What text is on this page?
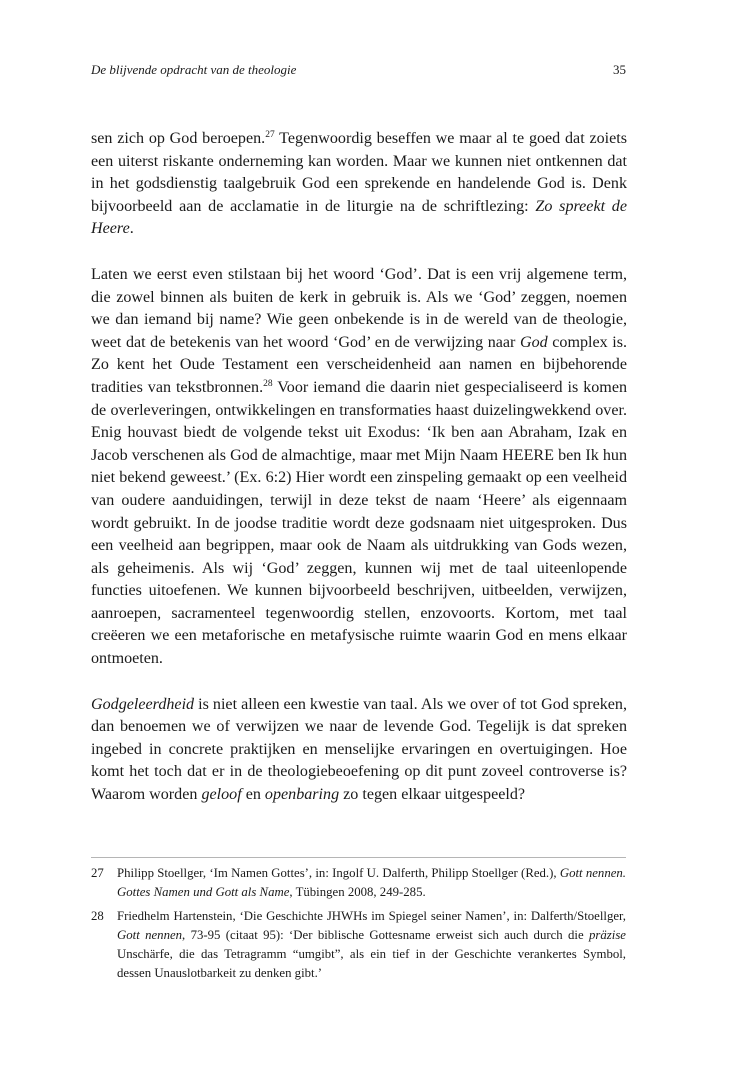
De blijvende opdracht van de theologie	35

sen zich op God beroepen.$^{27}$ Tegenwoordig beseffen we maar al te goed dat zoiets een uiterst riskante onderneming kan worden. Maar we kunnen niet ontkennen dat in het godsdienstig taalgebruik God een sprekende en handelende God is. Denk bijvoorbeeld aan de acclamatie in de liturgie na de schriftlezing: Zo spreekt de Heere.

Laten we eerst even stilstaan bij het woord ‘God’. Dat is een vrij algemene term, die zowel binnen als buiten de kerk in gebruik is. Als we ‘God’ zeggen, noemen we dan iemand bij name? Wie geen onbekende is in de wereld van de theologie, weet dat de betekenis van het woord ‘God’ en de verwijzing naar God complex is. Zo kent het Oude Testament een verscheidenheid aan namen en bijbehorende tradities van tekstbronnen.$^{28}$ Voor iemand die daarin niet gespecialiseerd is komen de overleveringen, ontwikkelingen en transformaties haast duizelingwekkend over. Enig houvast biedt de volgende tekst uit Exodus: ‘Ik ben aan Abraham, Izak en Jacob verschenen als God de almachtige, maar met Mijn Naam HEERE ben Ik hun niet bekend geweest.’ (Ex. 6:2) Hier wordt een zinspeling gemaakt op een veelheid van oudere aanduidingen, terwijl in deze tekst de naam ‘Heere’ als eigennaam wordt gebruikt. In de joodse traditie wordt deze godsnaam niet uitgesproken. Dus een veelheid aan begrippen, maar ook de Naam als uitdrukking van Gods wezen, als geheimenis. Als wij ‘God’ zeggen, kunnen wij met de taal uiteenlopende functies uitoefenen. We kunnen bijvoorbeeld beschrijven, uitbeelden, verwijzen, aanroepen, sacramenteel tegenwoordig stellen, enzovoorts. Kortom, met taal creëeren we een metaforische en metafysische ruimte waarin God en mens elkaar ontmoeten.

Godgeleerdheid is niet alleen een kwestie van taal. Als we over of tot God spreken, dan benoemen we of verwijzen we naar de levende God. Tegelijk is dat spreken ingebed in concrete praktijken en menselijke ervaringen en overtuigingen. Hoe komt het toch dat er in de theologiebeoefening op dit punt zoveel controverse is? Waarom worden geloof en openbaring zo tegen elkaar uitgespeeld?

27	Philipp Stoellger, ‘Im Namen Gottes’, in: Ingolf U. Dalferth, Philipp Stoellger (Red.), Gott nennen. Gottes Namen und Gott als Name, Tübingen 2008, 249-285.
28	Friedhelm Hartenstein, ‘Die Geschichte JHWHs im Spiegel seiner Namen’, in: Dalferth/​Stoellger, Gott nennen, 73-95 (citaat 95): ‘Der biblische Gottesname erweist sich auch durch die präzise Unschärfe, die das Tetragramm “umgibt”, als ein tief in der Geschichte verankertes Symbol, dessen Unauslotbarkeit zu denken gibt.’
